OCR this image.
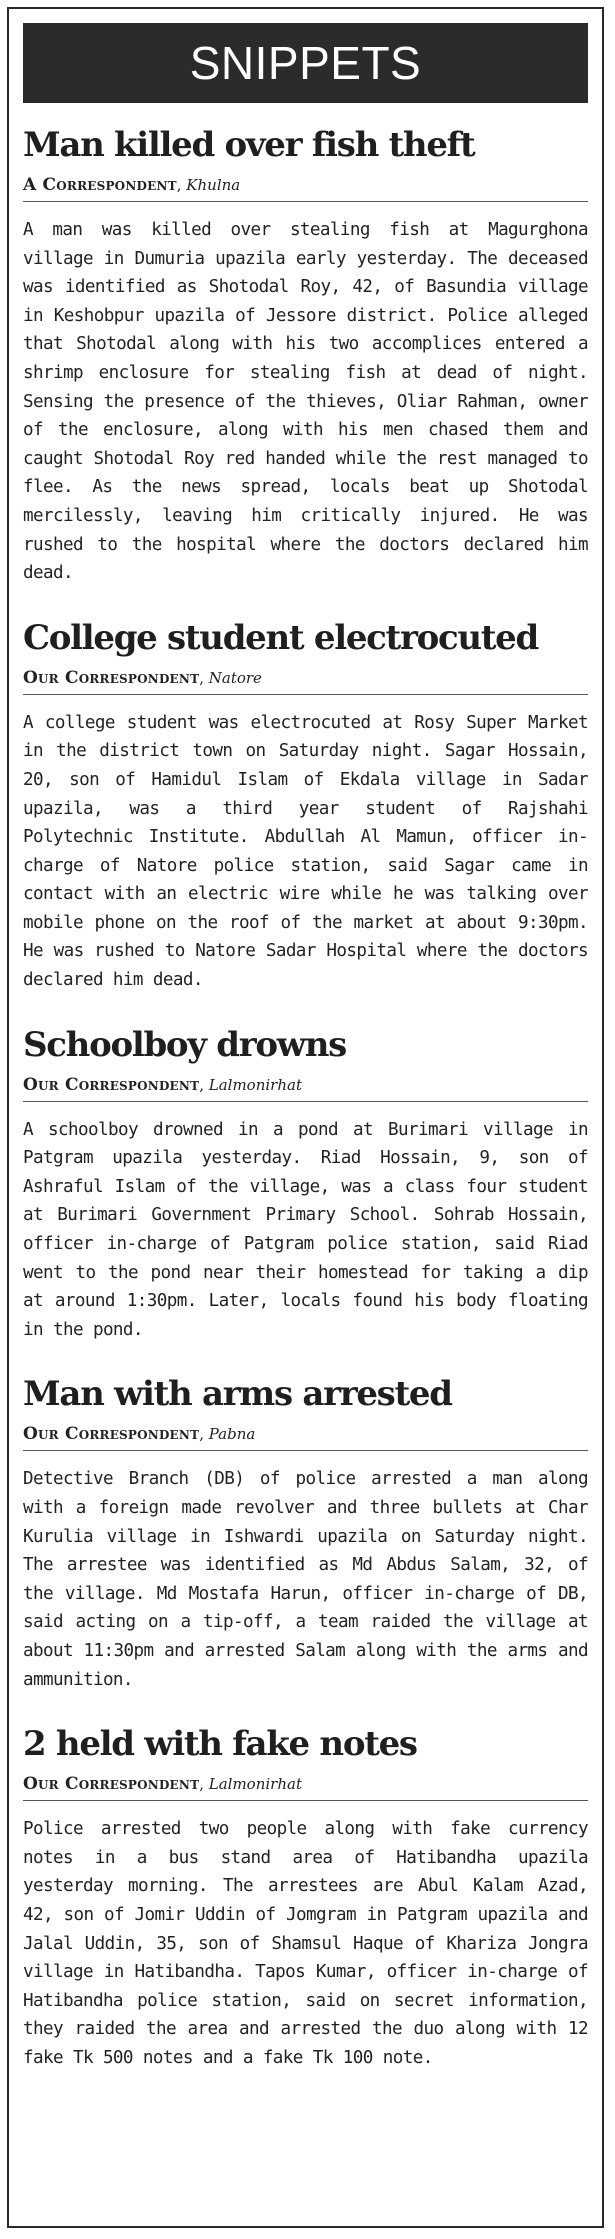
SNIPPETS
Man killed over fish theft
A Correspondent, Khulna

A man was killed over stealing fish at Magurghona village in Dumuria upazila early yesterday. The deceased was identified as Shotodal Roy, 42, of Basundia village in Keshobpur upazila of Jessore district. Police alleged that Shotodal along with his two accomplices entered a shrimp enclosure for stealing fish at dead of night. Sensing the presence of the thieves, Oliar Rahman, owner of the enclosure, along with his men chased them and caught Shotodal Roy red handed while the rest managed to flee. As the news spread, locals beat up Shotodal mercilessly, leaving him critically injured. He was rushed to the hospital where the doctors declared him dead.

College student electrocuted
Our Correspondent, Natore

A college student was electrocuted at Rosy Super Market in the district town on Saturday night. Sagar Hossain, 20, son of Hamidul Islam of Ekdala village in Sadar upazila, was a third year student of Rajshahi Polytechnic Institute. Abdullah Al Mamun, officer in-charge of Natore police station, said Sagar came in contact with an electric wire while he was talking over mobile phone on the roof of the market at about 9:30pm. He was rushed to Natore Sadar Hospital where the doctors declared him dead.

Schoolboy drowns
Our Correspondent, Lalmonirhat

A schoolboy drowned in a pond at Burimari village in Patgram upazila yesterday. Riad Hossain, 9, son of Ashraful Islam of the village, was a class four student at Burimari Government Primary School. Sohrab Hossain, officer in-charge of Patgram police station, said Riad went to the pond near their homestead for taking a dip at around 1:30pm. Later, locals found his body floating in the pond.

Man with arms arrested
Our Correspondent, Pabna

Detective Branch (DB) of police arrested a man along with a foreign made revolver and three bullets at Char Kurulia village in Ishwardi upazila on Saturday night. The arrestee was identified as Md Abdus Salam, 32, of the village. Md Mostafa Harun, officer in-charge of DB, said acting on a tip-off, a team raided the village at about 11:30pm and arrested Salam along with the arms and ammunition.

2 held with fake notes
Our Correspondent, Lalmonirhat

Police arrested two people along with fake currency notes in a bus stand area of Hatibandha upazila yesterday morning. The arrestees are Abul Kalam Azad, 42, son of Jomir Uddin of Jomgram in Patgram upazila and Jalal Uddin, 35, son of Shamsul Haque of Khariza Jongra village in Hatibandha. Tapos Kumar, officer in-charge of Hatibandha police station, said on secret information, they raided the area and arrested the duo along with 12 fake Tk 500 notes and a fake Tk 100 note.
